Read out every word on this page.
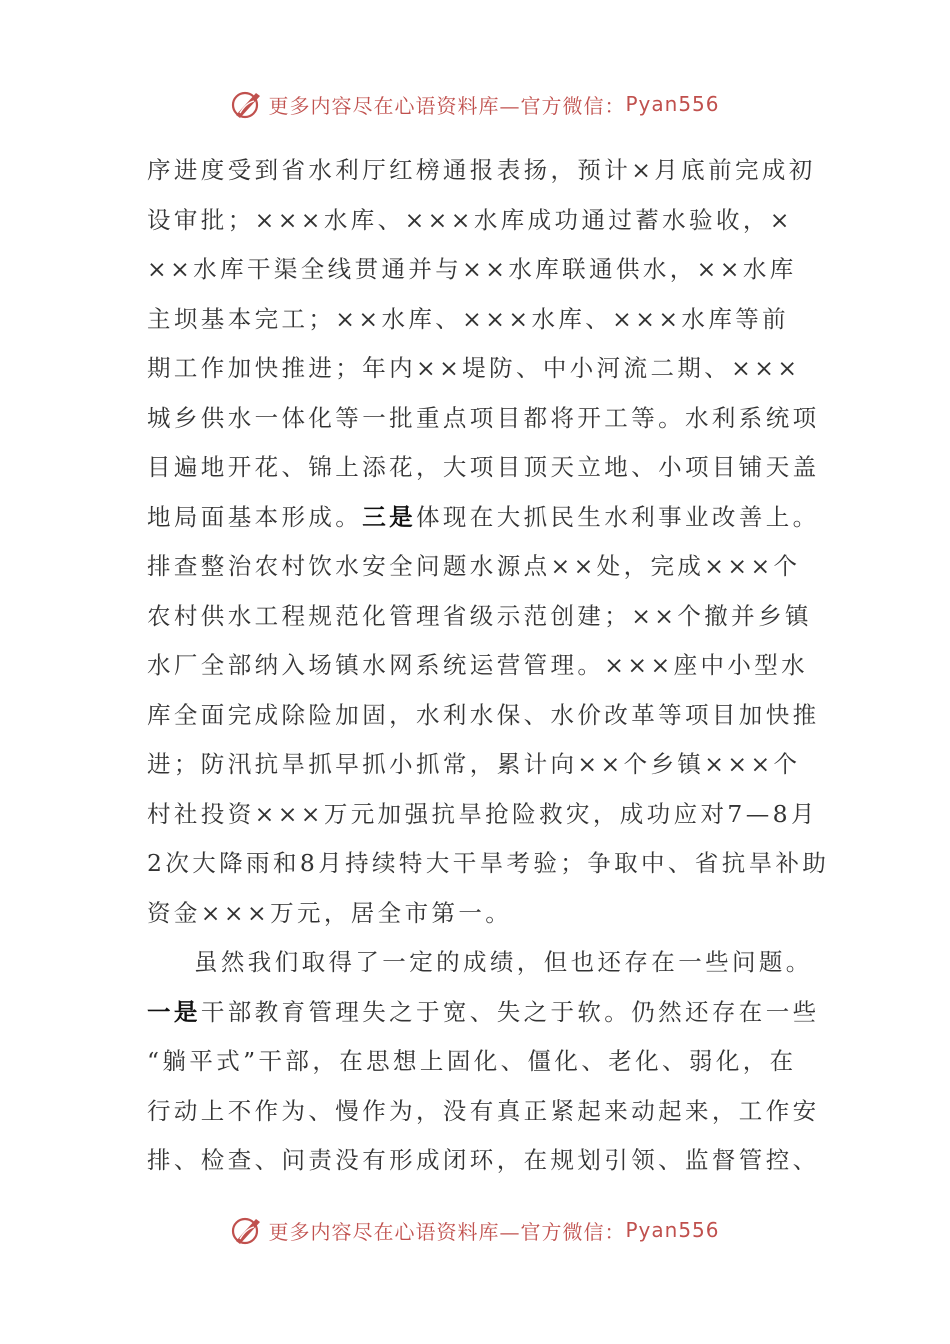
更多内容尽在心语资料库—官方微信： Pyan556
序进度受到省水利厅红榜通报表扬，预计×月底前完成初
设审批；×××水库、×××水库成功通过蓄水验收，×
××水库干渠全线贯通并与××水库联通供水，××水库
主坝基本完工；××水库、×××水库、×××水库等前
期工作加快推进；年内××堤防、中小河流二期、×××
城乡供水一体化等一批重点项目都将开工等。水利系统项
目遍地开花、锦上添花，大项目顶天立地、小项目铺天盖
地局面基本形成。三是体现在大抓民生水利事业改善上。
排查整治农村饮水安全问题水源点××处，完成×××个
农村供水工程规范化管理省级示范创建；××个撤并乡镇
水厂全部纳入场镇水网系统运营管理。×××座中小型水
库全面完成除险加固，水利水保、水价改革等项目加快推
进；防汛抗旱抓早抓小抓常，累计向××个乡镇×××个
村社投资×××万元加强抗旱抢险救灾，成功应对7—8月
2次大降雨和8月持续特大干旱考验；争取中、省抗旱补助
资金×××万元，居全市第一。
虽然我们取得了一定的成绩，但也还存在一些问题。
一是干部教育管理失之于宽、失之于软。仍然还存在一些
“躺平式”干部，在思想上固化、僵化、老化、弱化，在
行动上不作为、慢作为，没有真正紧起来动起来，工作安
排、检查、问责没有形成闭环，在规划引领、监督管控、
更多内容尽在心语资料库—官方微信： Pyan556
